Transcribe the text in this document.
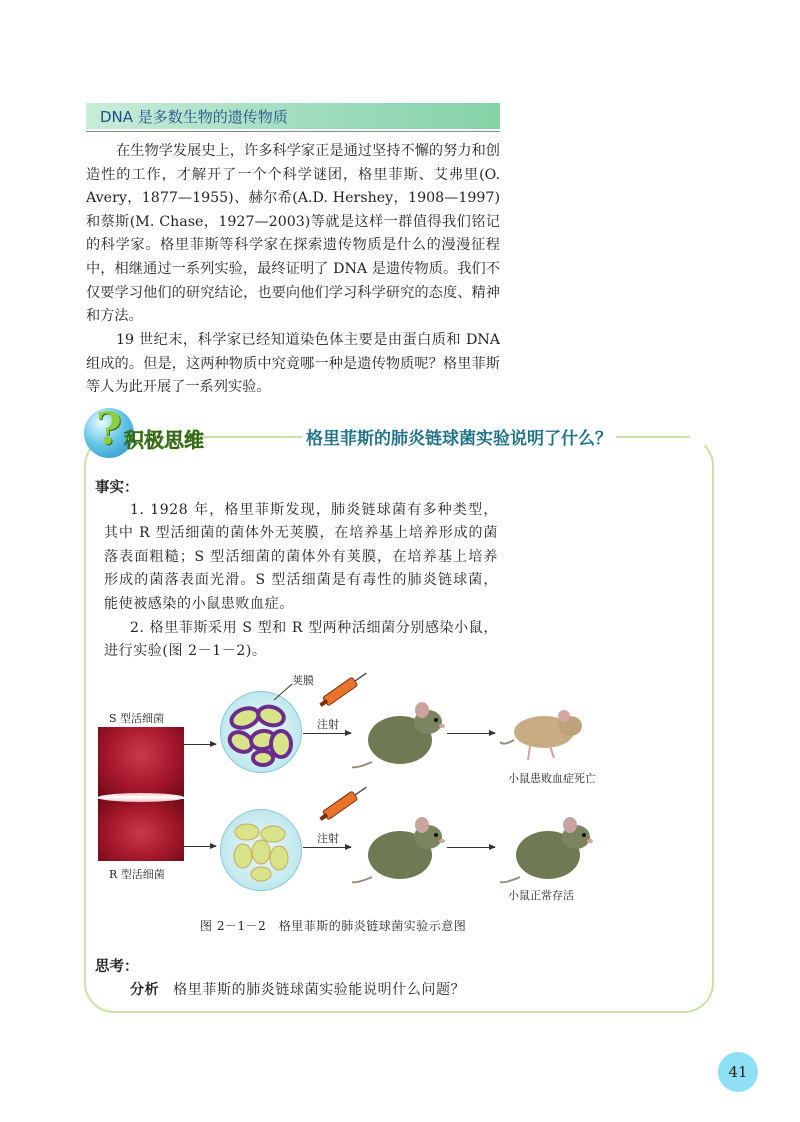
DNA 是多数生物的遗传物质

在生物学发展史上，许多科学家正是通过坚持不懈的努力和创造性的工作，才解开了一个个科学谜团，格里菲斯、艾弗里(O. Avery，1877—1955)、赫尔希(A.D. Hershey，1908—1997)和蔡斯(M. Chase，1927—2003)等就是这样一群值得我们铭记的科学家。格里菲斯等科学家在探索遗传物质是什么的漫漫征程中，相继通过一系列实验，最终证明了 DNA 是遗传物质。我们不仅要学习他们的研究结论，也要向他们学习科学研究的态度、精神和方法。

19 世纪末，科学家已经知道染色体主要是由蛋白质和 DNA 组成的。但是，这两种物质中究竟哪一种是遗传物质呢？格里菲斯等人为此开展了一系列实验。

? 积极思维	格里菲斯的肺炎链球菌实验说明了什么？
事实：

1. 1928 年，格里菲斯发现，肺炎链球菌有多种类型，其中 R 型活细菌的菌体外无荚膜，在培养基上培养形成的菌落表面粗糙；S 型活细菌的菌体外有荚膜，在培养基上培养形成的菌落表面光滑。S 型活细菌是有毒性的肺炎链球菌，能使被感染的小鼠患败血症。

2. 格里菲斯采用 S 型和 R 型两种活细菌分别感染小鼠，进行实验(图 2－1－2)。

S 型活细菌
R 型活细菌
荚膜
注射
注射
小鼠患败血症死亡
小鼠正常存活
图 2－1－2　格里菲斯的肺炎链球菌实验示意图
思考：
分析 格里菲斯的肺炎链球菌实验能说明什么问题？
41
